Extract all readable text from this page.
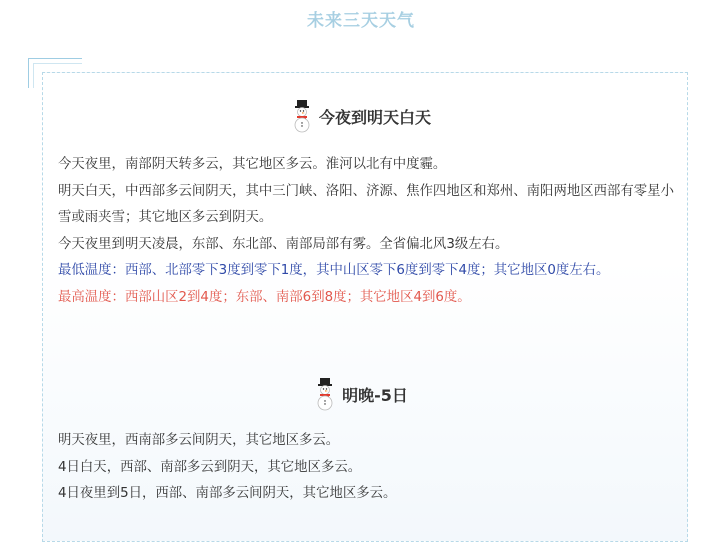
未来三天天气
今夜到明天白天

今天夜里，南部阴天转多云，其它地区多云。淮河以北有中度霾。

明天白天，中西部多云间阴天，其中三门峡、洛阳、济源、焦作四地区和郑州、南阳两地区西部有零星小雪或雨夹雪；其它地区多云到阴天。

今天夜里到明天凌晨，东部、东北部、南部局部有雾。全省偏北风3级左右。

最低温度：西部、北部零下3度到零下1度，其中山区零下6度到零下4度；其它地区0度左右。

最高温度：西部山区2到4度；东部、南部6到8度；其它地区4到6度。

明晚-5日

明天夜里，西南部多云间阴天，其它地区多云。

4日白天，西部、南部多云到阴天，其它地区多云。

4日夜里到5日，西部、南部多云间阴天，其它地区多云。
